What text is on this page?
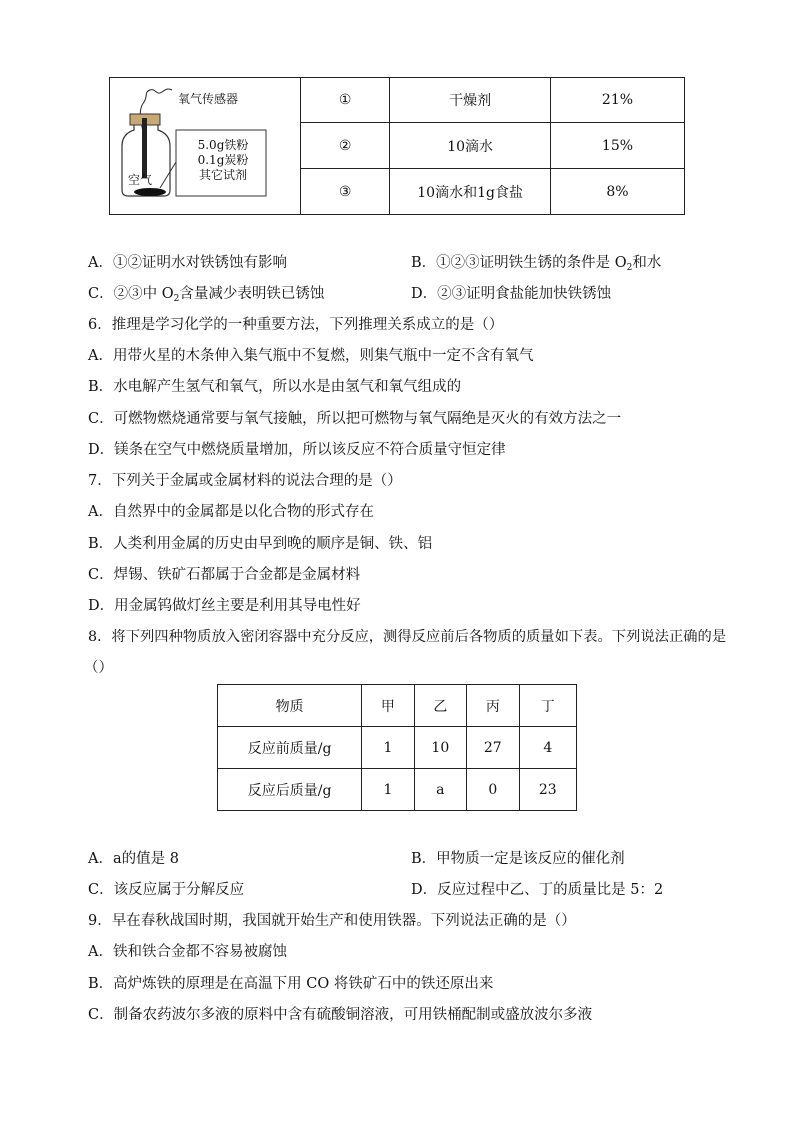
氧气传感器
5.0g铁粉
0.1g炭粉
其它试剂
空气	①	干燥剂	21%
	②	10滴水	15%
	③	10滴水和1g食盐	8%
A．①②证明水对铁锈蚀有影响	B．①②③证明铁生锈的条件是 $O_2$和水
C．②③中 $O_2$含量减少表明铁已锈蚀	D．②③证明食盐能加快铁锈蚀
6．推理是学习化学的一种重要方法，下列推理关系成立的是（）
A．用带火星的木条伸入集气瓶中不复燃，则集气瓶中一定不含有氧气
B．水电解产生氢气和氧气，所以水是由氢气和氧气组成的
C．可燃物燃烧通常要与氧气接触，所以把可燃物与氧气隔绝是灭火的有效方法之一
D．镁条在空气中燃烧质量增加，所以该反应不符合质量守恒定律
7．下列关于金属或金属材料的说法合理的是（）
A．自然界中的金属都是以化合物的形式存在
B．人类利用金属的历史由早到晚的顺序是铜、铁、铝
C．焊锡、铁矿石都属于合金都是金属材料
D．用金属钨做灯丝主要是利用其导电性好
8．将下列四种物质放入密闭容器中充分反应，测得反应前后各物质的质量如下表。下列说法正确的是
（）
物质	甲	乙	丙	丁
反应前质量/g	1	10	27	4
反应后质量/g	1	a	0	23
A．a的值是 8	B．甲物质一定是该反应的催化剂
C．该反应属于分解反应	D．反应过程中乙、丁的质量比是 5：2
9．早在春秋战国时期，我国就开始生产和使用铁器。下列说法正确的是（）
A．铁和铁合金都不容易被腐蚀
B．高炉炼铁的原理是在高温下用 CO 将铁矿石中的铁还原出来
C．制备农药波尔多液的原料中含有硫酸铜溶液，可用铁桶配制或盛放波尔多液
